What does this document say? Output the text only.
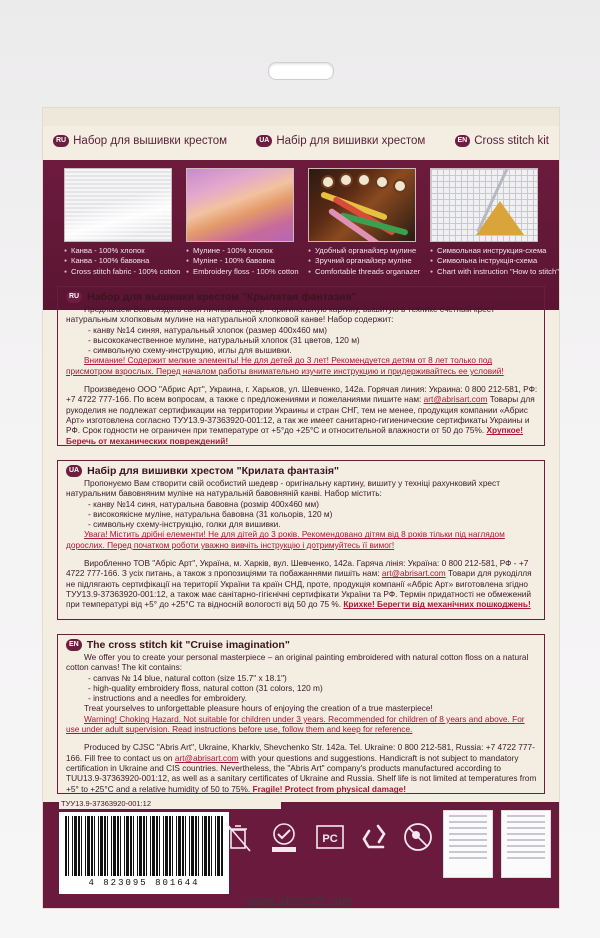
RU Набор для вышивки крестом	UA Набір для вишивки хрестом	EN Cross stitch kit
● Канва - 100% хлопок
● Канва - 100% бавовна
● Cross stitch fabric - 100% cotton
● Мулине - 100% хлопок
● Муліне - 100% бавовна
● Embroidery floss - 100% cotton
● Удобный органайзер мулине
● Зручний органайзер муліне
● Comfortable threads organazer
● Символьная инструкция-схема
● Символьна інструкція-схема
● Chart with instruction "How to stitch"
RU Набор для вышивки крестом "Крылатая фантазия"

Предлагаем Вам создать свой личный шедевр - оригинальную картину, вышитую в технике счетный крест натуральным хлопковым мулине на натуральной хлопковой канве! Набор содержит:

- канву №14 синяя, натуральный хлопок (размер 400х460 мм)
- высококачественное мулине, натуральный хлопок (31 цветов, 120 м)
- символьную схему-инструкцию, иглы для вышивки.

Внимание! Содержит мелкие элементы! Не для детей до 3 лет! Рекомендуется детям от 8 лет только под присмотром взрослых. Перед началом работы внимательно изучите инструкцию и придерживайтесь ее условий!

Произведено ООО "Абрис Арт", Украина, г. Харьков, ул. Шевченко, 142а. Горячая линия: Украина: 0 800 212-581, РФ: +7 4722 777-166. По всем вопросам, а также с предложениями и пожеланиями пишите нам: art@abrisart.com Товары для рукоделия не подлежат сертификации на территории Украины и стран СНГ, тем не менее, продукция компании «Абрис Арт» изготовлена согласно ТУУ13.9-37363920-001:12, а так же имеет санитарно-гигиенические сертификаты Украины и РФ. Срок годности не ограничен при температуре от +5°до +25°С и относительной влажности от 50 до 75%. Хрупкое! Беречь от механических повреждений!

UA Набір для вишивки хрестом "Крилата фантазія"

Пропонуємо Вам створити свій особистий шедевр - оригінальну картину, вишиту у техніці рахунковий хрест натуральним бавовняним муліне на натуральній бавовняній канві. Набор містить:

- канву №14 синя, натуральна бавовна (розмір 400х460 мм)
- високоякісне муліне, натуральна бавовна (31 кольорів, 120 м)
- символьну схему-інструкцію, голки для вишивки.

Увага! Містить дрібні елементи! Не для дітей до 3 років. Рекомендовано дітям від 8 років тільки під наглядом дорослих. Перед початком роботи уважно вивчіть інструкцію і дотримуйтесь її вимог!

Виробленно ТОВ "Абріс Арт", Україна, м. Харків, вул. Шевченко, 142а. Гаряча лінія: Україна: 0 800 212-581, РФ - +7 4722 777-166. З усіх питань, а також з пропозиціями та побажаннями пишіть нам: art@abrisart.com Товари для рукоділля не підлягають сертифікації на території України та країн СНД, проте, продукція компанії «Абріс Арт» виготовлена згідно ТУУ13.9-37363920-001:12, а також має санітарно-гігієнічні сертифікати України та РФ. Термін придатності не обмежений при температурі від +5° до +25°С та відносній вологості від 50 до 75 %. Крихке! Берегти від механічних пошкоджень!

EN The cross stitch kit "Cruise imagination"

We offer you to create your personal masterpiece – an original painting embroidered with natural cotton floss on a natural cotton canvas! The kit contains:

- canvas № 14 blue, natural cotton (size 15.7" x 18.1")
- high-quality embroidery floss, natural cotton (31 colors, 120 m)
- instructions and a needles for embroidery.

Treat yourselves to unforgettable pleasure hours of enjoying the creation of a true masterpiece!

Warning! Choking Hazard. Not suitable for children under 3 years. Recommended for children of 8 years and above. For use under adult supervision. Read instructions before use, follow them and keep for reference.

Produced by CJSC "Abris Art", Ukraine, Kharkiv, Shevchenko Str. 142a. Tel. Ukraine: 0 800 212-581, Russia: +7 4722 777-166. Fill free to contact us on art@abrisart.com with your questions and suggestions. Handicraft is not subject to mandatory certification in Ukraine and CIS countries. Nevertheless, the "Abris Art" company's products manufactured according to TUU13.9-37363920-001:12, as well as a sanitary certificates of Ukraine and Russia. Shelf life is not limited at temperatures from +5° to +25°C and a relative humidity of 50 to 75%. Fragile! Protect from physical damage!

ТУУ13.9-37363920-001:12
4 823095 801644
PC
www.abrisart.com
